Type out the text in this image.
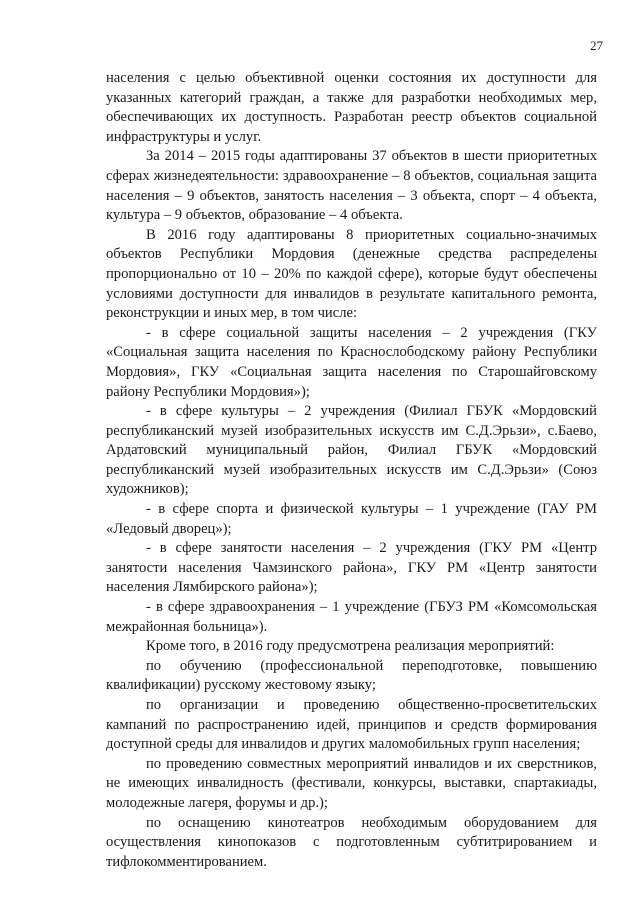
27

населения с целью объективной оценки состояния их доступности для указанных категорий граждан, а также для разработки необходимых мер, обеспечивающих их доступность. Разработан реестр объектов социальной инфраструктуры и услуг.

За 2014 – 2015 годы адаптированы 37 объектов в шести приоритетных сферах жизнедеятельности: здравоохранение – 8 объектов, социальная защита населения – 9 объектов, занятость населения – 3 объекта, спорт – 4 объекта, культура – 9 объектов, образование – 4 объекта.

В 2016 году адаптированы 8 приоритетных социально-значимых объектов Республики Мордовия (денежные средства распределены пропорционально от 10 – 20% по каждой сфере), которые будут обеспечены условиями доступности для инвалидов в результате капитального ремонта, реконструкции и иных мер, в том числе:

- в сфере социальной защиты населения – 2 учреждения (ГКУ «Социальная защита населения по Краснослободскому району Республики Мордовия», ГКУ «Социальная защита населения по Старошайговскому району Республики Мордовия»);

- в сфере культуры – 2 учреждения (Филиал ГБУК «Мордовский республиканский музей изобразительных искусств им С.Д.Эрьзи», с.Баево, Ардатовский муниципальный район, Филиал ГБУК «Мордовский республиканский музей изобразительных искусств им С.Д.Эрьзи» (Союз художников);

- в сфере спорта и физической культуры – 1 учреждение (ГАУ РМ «Ледовый дворец»);

- в сфере занятости населения – 2 учреждения (ГКУ РМ «Центр занятости населения Чамзинского района», ГКУ РМ «Центр занятости населения Лямбирского района»);

- в сфере здравоохранения – 1 учреждение (ГБУЗ РМ «Комсомольская межрайонная больница»).

Кроме того, в 2016 году предусмотрена реализация мероприятий:

по обучению (профессиональной переподготовке, повышению квалификации) русскому жестовому языку;

по организации и проведению общественно-просветительских кампаний по распространению идей, принципов и средств формирования доступной среды для инвалидов и других маломобильных групп населения;

по проведению совместных мероприятий инвалидов и их сверстников, не имеющих инвалидность (фестивали, конкурсы, выставки, спартакиады, молодежные лагеря, форумы и др.);

по оснащению кинотеатров необходимым оборудованием для осуществления кинопоказов с подготовленным субтитрированием и тифлокомментированием.
